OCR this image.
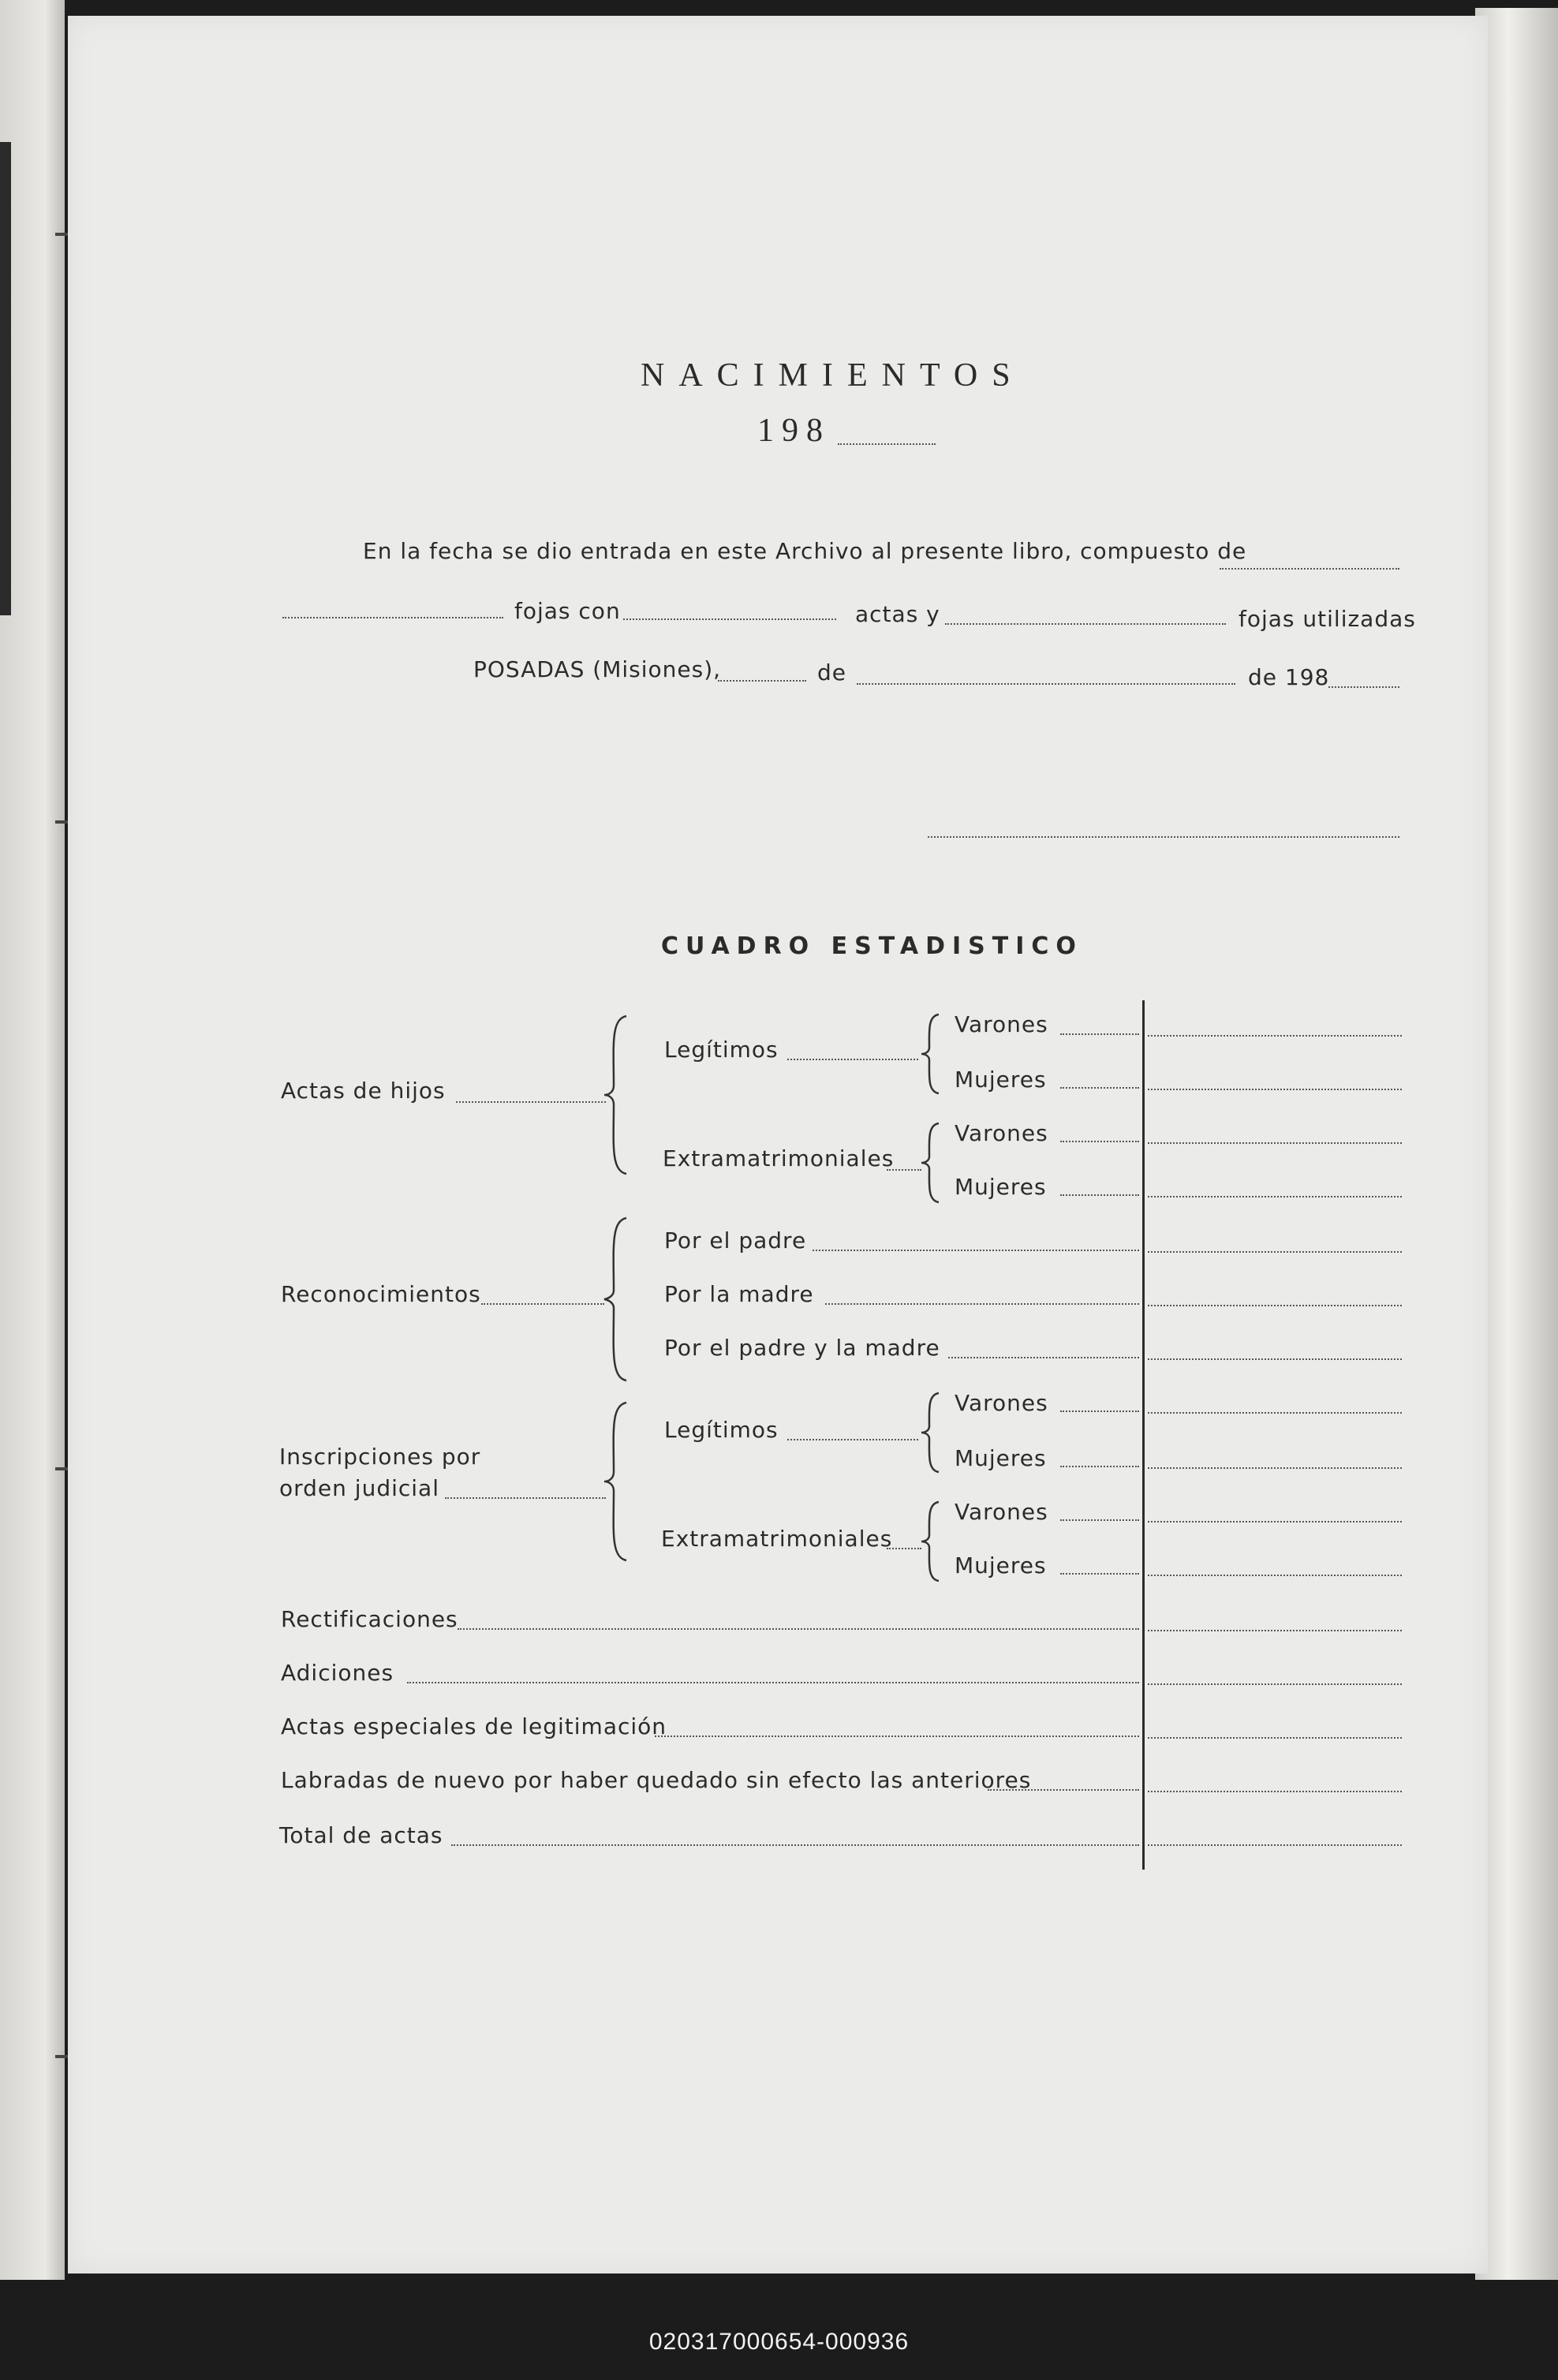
NACIMIENTOS
198
En la fecha se dio entrada en este Archivo al presente libro, compuesto de
fojas con	actas y	fojas utilizadas
POSADAS (Misiones),	de	de 198
CUADRO ESTADISTICO
Actas de hijos
Legítimos
Varones
Mujeres
Extramatrimoniales
Varones
Mujeres
Reconocimientos
Por el padre
Por la madre
Por el padre y la madre
Inscripciones por
orden judicial
Legítimos
Varones
Mujeres
Extramatrimoniales
Varones
Mujeres
Rectificaciones
Adiciones
Actas especiales de legitimación
Labradas de nuevo por haber quedado sin efecto las anteriores
Total de actas
020317000654-000936
